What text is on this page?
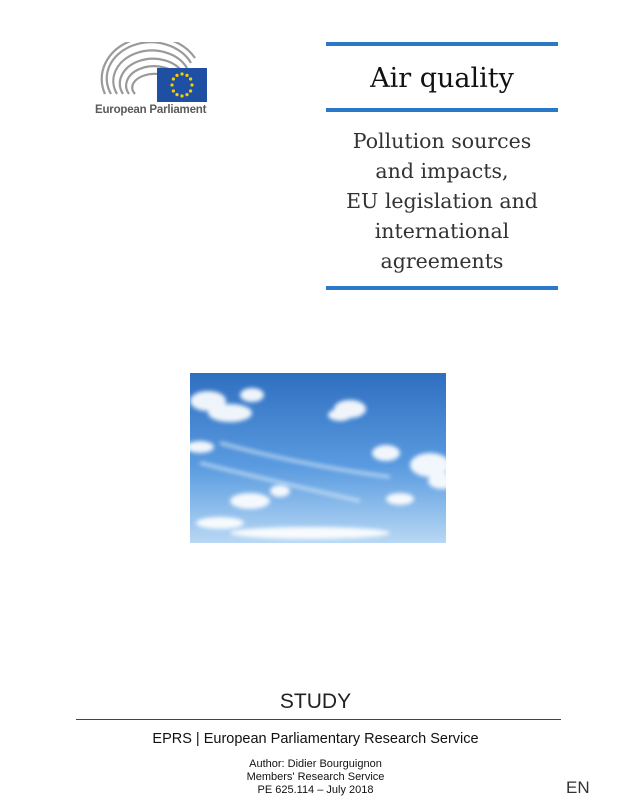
European Parliament
Air quality
Pollution sources
and impacts,
EU legislation and
international
agreements
STUDY
EPRS | European Parliamentary Research Service
Author: Didier Bourguignon
Members' Research Service
PE 625.114 – July 2018	EN
